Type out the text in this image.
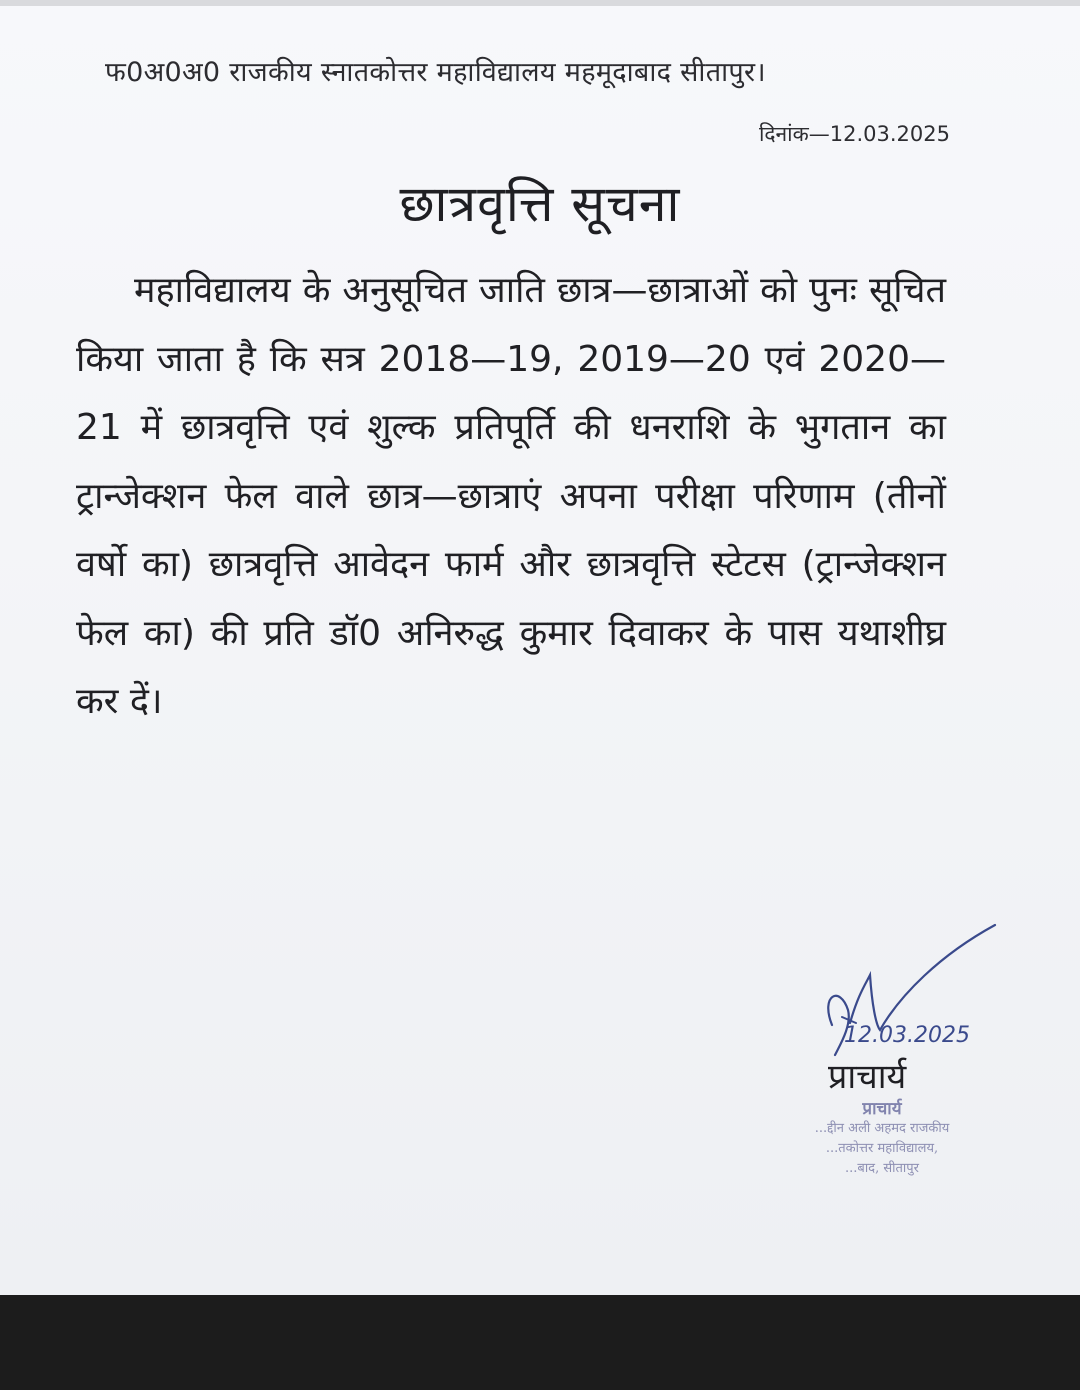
फ0अ0अ0 राजकीय स्नातकोत्तर महाविद्यालय महमूदाबाद सीतापुर।
दिनांक—12.03.2025
छात्रवृत्ति सूचना
महाविद्यालय के अनुसूचित जाति छात्र—छात्राओं को पुनः सूचित किया जाता है कि सत्र 2018—19, 2019—20 एवं 2020—21 में छात्रवृत्ति एवं शुल्क प्रतिपूर्ति की धनराशि के भुगतान का ट्रान्जेक्शन फेल वाले छात्र—छात्राएं अपना परीक्षा परिणाम (तीनों वर्षो का) छात्रवृत्ति आवेदन फार्म और छात्रवृत्ति स्टेटस (ट्रान्जेक्शन फेल का) की प्रति डॉ0 अनिरुद्ध कुमार दिवाकर के पास यथाशीघ्र कर दें।
12.03.2025
प्राचार्य
प्राचार्य
...द्दीन अली अहमद राजकीय
...तकोत्तर महाविद्यालय,
...बाद, सीतापुर
